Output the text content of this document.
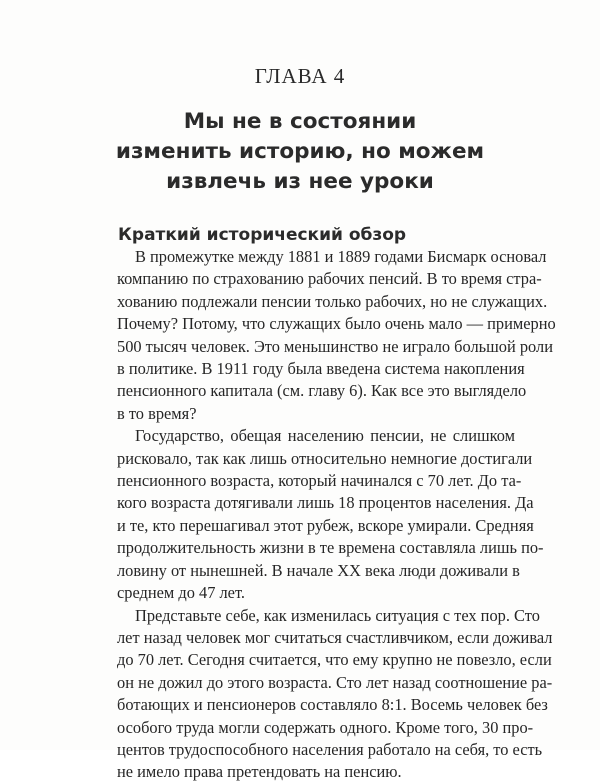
ГЛАВА 4
Мы не в состоянии
изменить историю, но можем
извлечь из нее уроки
Краткий исторический обзор
В промежутке между 1881 и 1889 годами Бисмарк основал
компанию по страхованию рабочих пенсий. В то время стра-
хованию подлежали пенсии только рабочих, но не служащих.
Почему? Потому, что служащих было очень мало — примерно
500 тысяч человек. Это меньшинство не играло большой роли
в политике. В 1911 году была введена система накопления
пенсионного капитала (см. главу 6). Как все это выглядело
в то время?
Государство, обещая населению пенсии, не слишком
рисковало, так как лишь относительно немногие достигали
пенсионного возраста, который начинался с 70 лет. До та-
кого возраста дотягивали лишь 18 процентов населения. Да
и те, кто перешагивал этот рубеж, вскоре умирали. Средняя
продолжительность жизни в те времена составляла лишь по-
ловину от нынешней. В начале XX века люди доживали в
среднем до 47 лет.
Представьте себе, как изменилась ситуация с тех пор. Сто
лет назад человек мог считаться счастливчиком, если доживал
до 70 лет. Сегодня считается, что ему крупно не повезло, если
он не дожил до этого возраста. Сто лет назад соотношение ра-
ботающих и пенсионеров составляло 8:1. Восемь человек без
особого труда могли содержать одного. Кроме того, 30 про-
центов трудоспособного населения работало на себя, то есть
не имело права претендовать на пенсию.
